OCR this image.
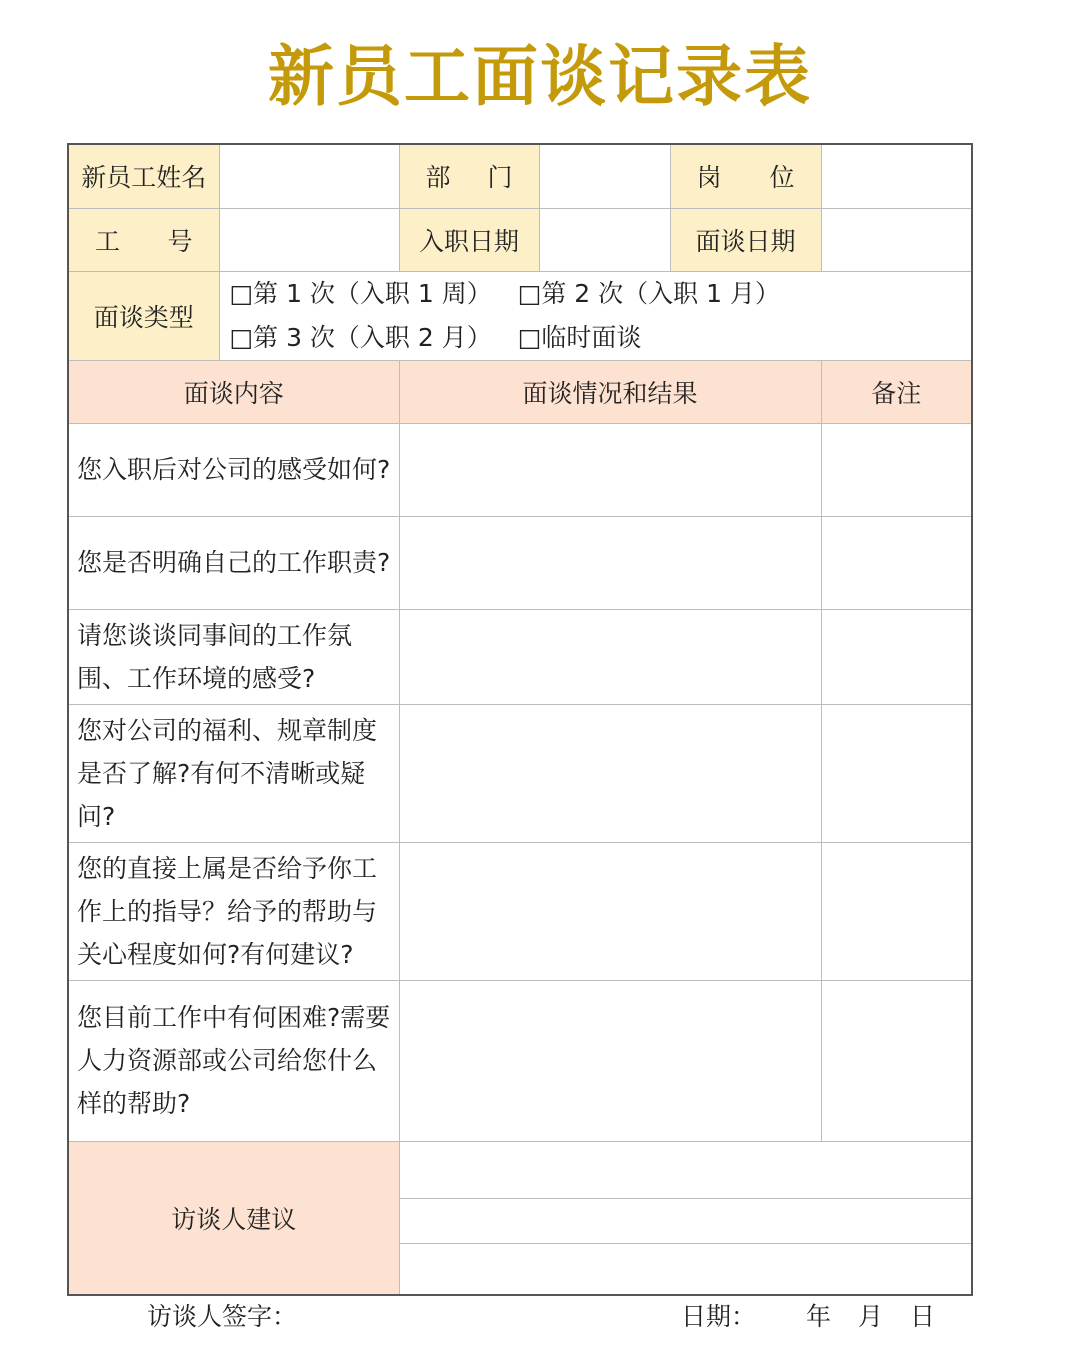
新员工面谈记录表
新员工姓名		部 门		岗 位	

工 号		入职日期		面谈日期	
面谈类型	□第 1 次（入职 1 周） □第 2 次（入职 1 月）
□第 3 次（入职 2 月） □临时面谈				

面谈内容		面谈情况和结果			备注
您入职后对公司的感受如何?					
您是否明确自己的工作职责?					
请您谈谈同事间的工作氛围、工作环境的感受?					
您对公司的福利、规章制度是否了解?有何不清晰或疑问?					
您的直接上属是否给予你工作上的指导？给予的帮助与关心程度如何?有何建议?					
您目前工作中有何困难?需要人力资源部或公司给您什么样的帮助?					
访谈人建议					

访谈人签字：	日期： 年	月	日
